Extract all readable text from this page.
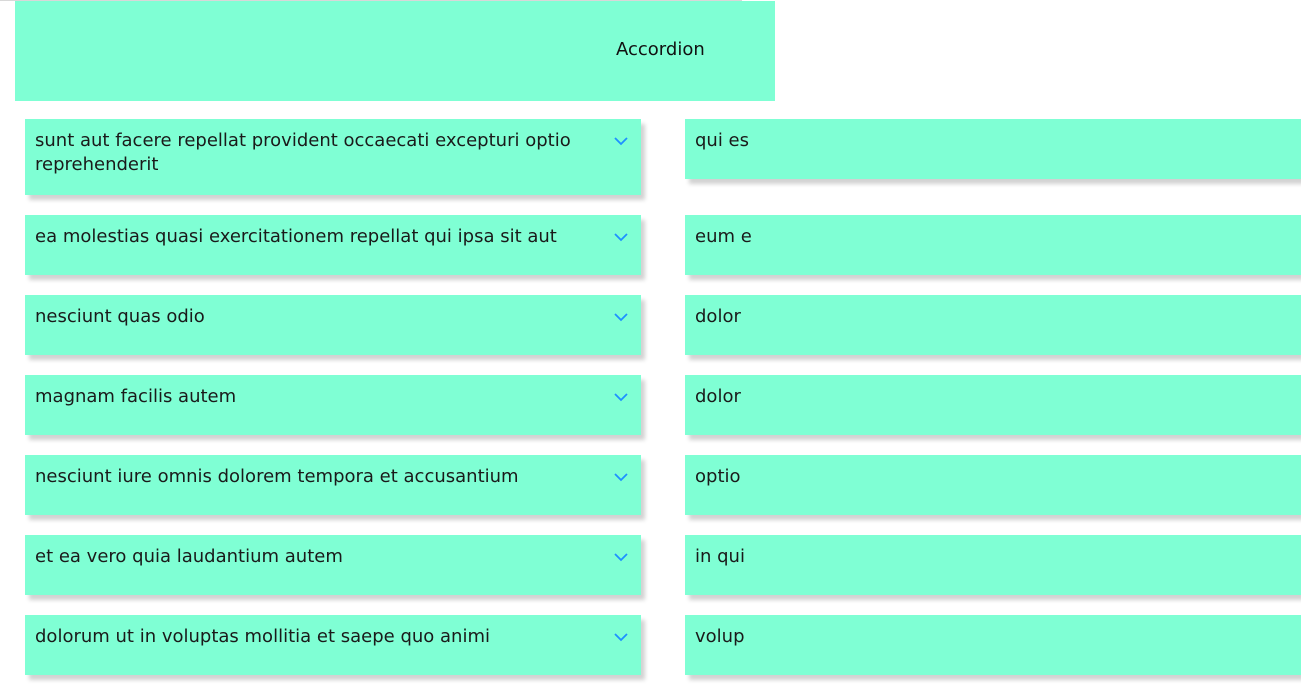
Accordion
sunt aut facere repellat provident occaecati excepturi optio reprehenderit
ea molestias quasi exercitationem repellat qui ipsa sit aut
nesciunt quas odio
magnam facilis autem
nesciunt iure omnis dolorem tempora et accusantium
et ea vero quia laudantium autem
dolorum ut in voluptas mollitia et saepe quo animi
qui es
eum e
dolor
dolor
optio
in qui
volup
